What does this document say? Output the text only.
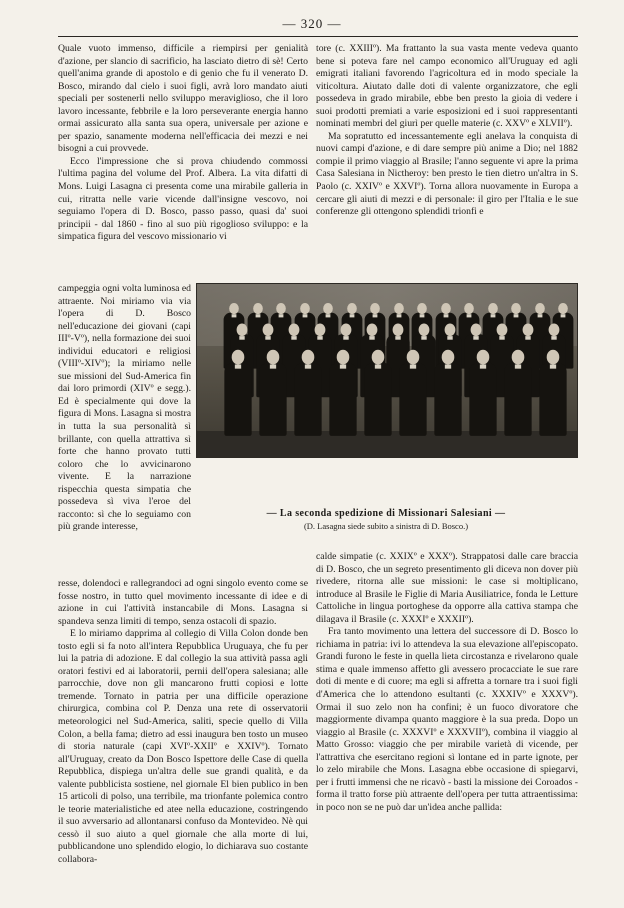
— 320 —

Quale vuoto immenso, difficile a riempirsi per genialità d'azione, per slancio di sacrificio, ha lasciato dietro di sè! Certo quell'anima grande di apostolo e di genio che fu il venerato D. Bosco, mirando dal cielo i suoi figli, avrà loro mandato aiuti speciali per sostenerli nello sviluppo meraviglioso, che il loro lavoro incessante, febbrile e la loro perseverante energia hanno ormai assicurato alla santa sua opera, universale per azione e per spazio, sanamente moderna nell'efficacia dei mezzi e nei bisogni a cui provvede.

Ecco l'impressione che si prova chiudendo commossi l'ultima pagina del volume del Prof. Albera. La vita difatti di Mons. Luigi Lasagna ci presenta come una mirabile galleria in cui, ritratta nelle varie vicende dall'insigne vescovo, noi seguiamo l'opera di D. Bosco, passo passo, quasi da' suoi principii - dal 1860 - fino al suo più rigoglioso sviluppo: e la simpatica figura del vescovo missionario vi

campeggia ogni volta luminosa ed attraente. Noi miriamo via via l'opera di D. Bosco nell'educazione dei giovani (capi IIIº-Vº), nella formazione dei suoi individui educatori e religiosi (VIIIº-XIVº); la miriamo nelle sue missioni del Sud-America fin dai loro primordi (XIVº e segg.). Ed è specialmente qui dove la figura di Mons. Lasagna si mostra in tutta la sua personalità sì brillante, con quella attrattiva sì forte che hanno provato tutti coloro che lo avvicinarono vivente. E la narrazione rispecchia questa simpatia che possedeva sì viva l'eroe del racconto: sì che lo seguiamo con più grande interesse,

resse, dolendoci e rallegrandoci ad ogni singolo evento come se fosse nostro, in tutto quel movimento incessante di idee e di azione in cui l'attività instancabile di Mons. Lasagna si spandeva senza limiti di tempo, senza ostacoli di spazio.

E lo miriamo dapprima al collegio di Villa Colon donde ben tosto egli si fa noto all'intera Repubblica Uruguaya, che fu per lui la patria di adozione. E dal collegio la sua attività passa agli oratori festivi ed ai laboratorii, pernii dell'opera salesiana; alle parrocchie, dove non gli mancarono frutti copiosi e lotte tremende. Tornato in patria per una difficile operazione chirurgica, combina col P. Denza una rete di osservatorii meteorologici nel Sud-America, saliti, specie quello di Villa Colon, a bella fama; dietro ad essi inaugura ben tosto un museo di storia naturale (capi XVIº-XXIIº e XXIVº). Tornato all'Uruguay, creato da Don Bosco Ispettore delle Case di quella Repubblica, dispiega un'altra delle sue grandi qualità, e da valente pubblicista sostiene, nel giornale El bien publico in ben 15 articoli di polso, una terribile, ma trionfante polemica contro le teorie materialistiche ed atee nella educazione, costringendo il suo avversario ad allontanarsi confuso da Montevideo. Nè qui cessò il suo aiuto a quel giornale che alla morte di lui, pubblicandone uno splendido elogio, lo dichiarava suo costante collabora-

tore (c. XXIIIº). Ma frattanto la sua vasta mente vedeva quanto bene si poteva fare nel campo economico all'Uruguay ed agli emigrati italiani favorendo l'agricoltura ed in modo speciale la viticoltura. Aiutato dalle doti di valente organizzatore, che egli possedeva in grado mirabile, ebbe ben presto la gioia di vedere i suoi prodotti premiati a varie esposizioni ed i suoi rappresentanti nominati membri del giurì per quelle materie (c. XXVº e XLVIIº).

Ma sopratutto ed incessantemente egli anelava la conquista di nuovi campi d'azione, e di dare sempre più anime a Dio; nel 1882 compie il primo viaggio al Brasile; l'anno seguente vi apre la prima Casa Salesiana in Nictheroy: ben presto le tien dietro un'altra in S. Paolo (c. XXIVº e XXVIº). Torna allora nuovamente in Europa a cercare gli aiuti di mezzi e di personale: il giro per l'Italia e le sue conferenze gli ottengono splendidi trionfi e

— La seconda spedizione di Missionari Salesiani —
(D. Lasagna siede subito a sinistra di D. Bosco.)

calde simpatie (c. XXIXº e XXXº). Strappatosi dalle care braccia di D. Bosco, che un segreto presentimento gli diceva non dover più rivedere, ritorna alle sue missioni: le case si moltiplicano, introduce al Brasile le Figlie di Maria Ausiliatrice, fonda le Letture Cattoliche in lingua portoghese da opporre alla cattiva stampa che dilagava il Brasile (c. XXXIº e XXXIIº).

Fra tanto movimento una lettera del successore di D. Bosco lo richiama in patria: ivi lo attendeva la sua elevazione all'episcopato. Grandi furono le feste in quella lieta circostanza e rivelarono quale stima e quale immenso affetto gli avessero procacciate le sue rare doti di mente e di cuore; ma egli si affretta a tornare tra i suoi figli d'America che lo attendono esultanti (c. XXXIVº e XXXVº). Ormai il suo zelo non ha confini; è un fuoco divoratore che maggiormente divampa quanto maggiore è la sua preda. Dopo un viaggio al Brasile (c. XXXVIº e XXXVIIº), combina il viaggio al Matto Grosso: viaggio che per mirabile varietà di vicende, per l'attrattiva che esercitano regioni sì lontane ed in parte ignote, per lo zelo mirabile che Mons. Lasagna ebbe occasione di spiegarvi, per i frutti immensi che ne ricavò - basti la missione dei Coroados - forma il tratto forse più attraente dell'opera per tutta attraentissima: in poco non se ne può dar un'idea anche pallida:
